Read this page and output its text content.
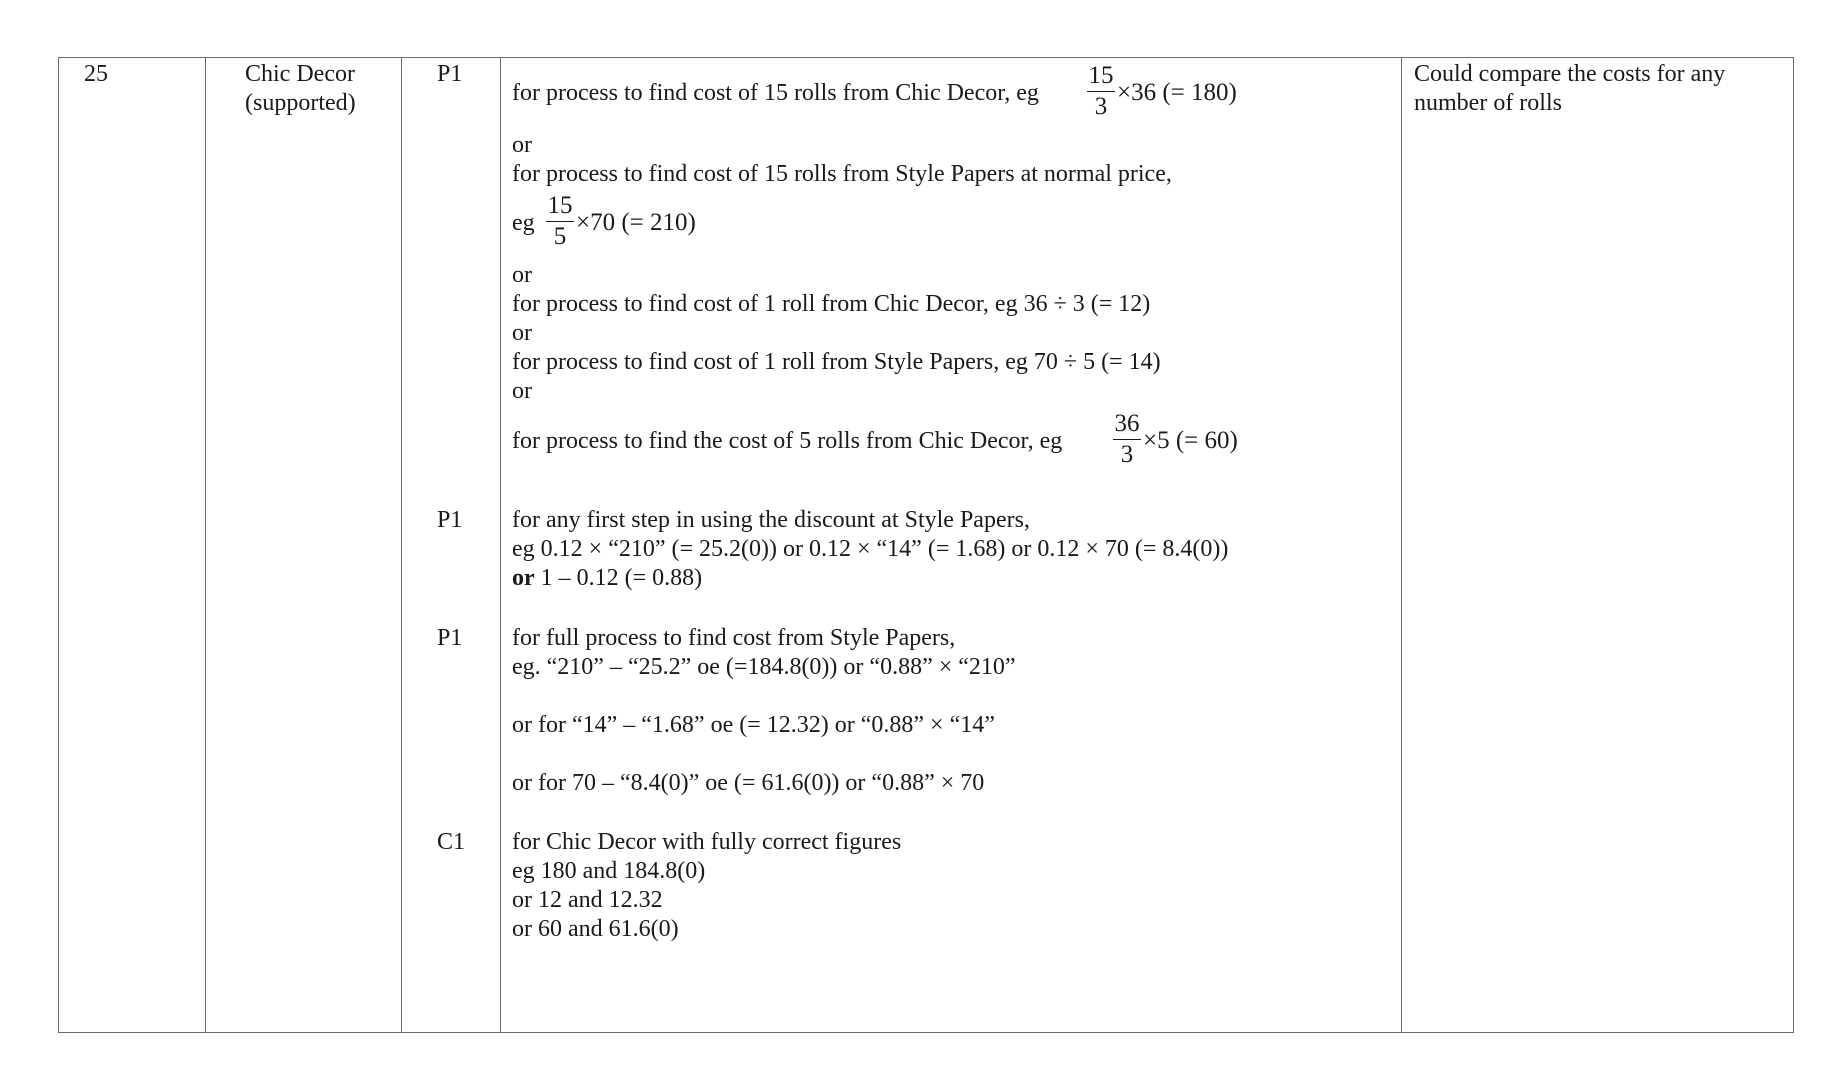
25	Chic Decor
(supported)
P1
P1
P1
C1
Could compare the costs for any
number of rolls
for process to find cost of 15 rolls from Chic Decor, eg
15
3
×36 (= 180)
or
for process to find cost of 15 rolls from Style Papers at normal price,
eg
15
5
×70 (= 210)
or
for process to find cost of 1 roll from Chic Decor, eg 36 ÷ 3 (= 12)
or
for process to find cost of 1 roll from Style Papers, eg 70 ÷ 5 (= 14)
or
for process to find the cost of 5 rolls from Chic Decor, eg
36
3
×5 (= 60)
for any first step in using the discount at Style Papers,
eg 0.12 × “210” (= 25.2(0)) or 0.12 × “14” (= 1.68) or 0.12 × 70 (= 8.4(0))
or 1 – 0.12 (= 0.88)
for full process to find cost from Style Papers,
eg. “210” – “25.2” oe (=184.8(0)) or “0.88” × “210”
or for “14” – “1.68” oe (= 12.32) or “0.88” × “14”
or for 70 – “8.4(0)” oe (= 61.6(0)) or “0.88” × 70
for Chic Decor with fully correct figures
eg 180 and 184.8(0)
or 12 and 12.32
or 60 and 61.6(0)
